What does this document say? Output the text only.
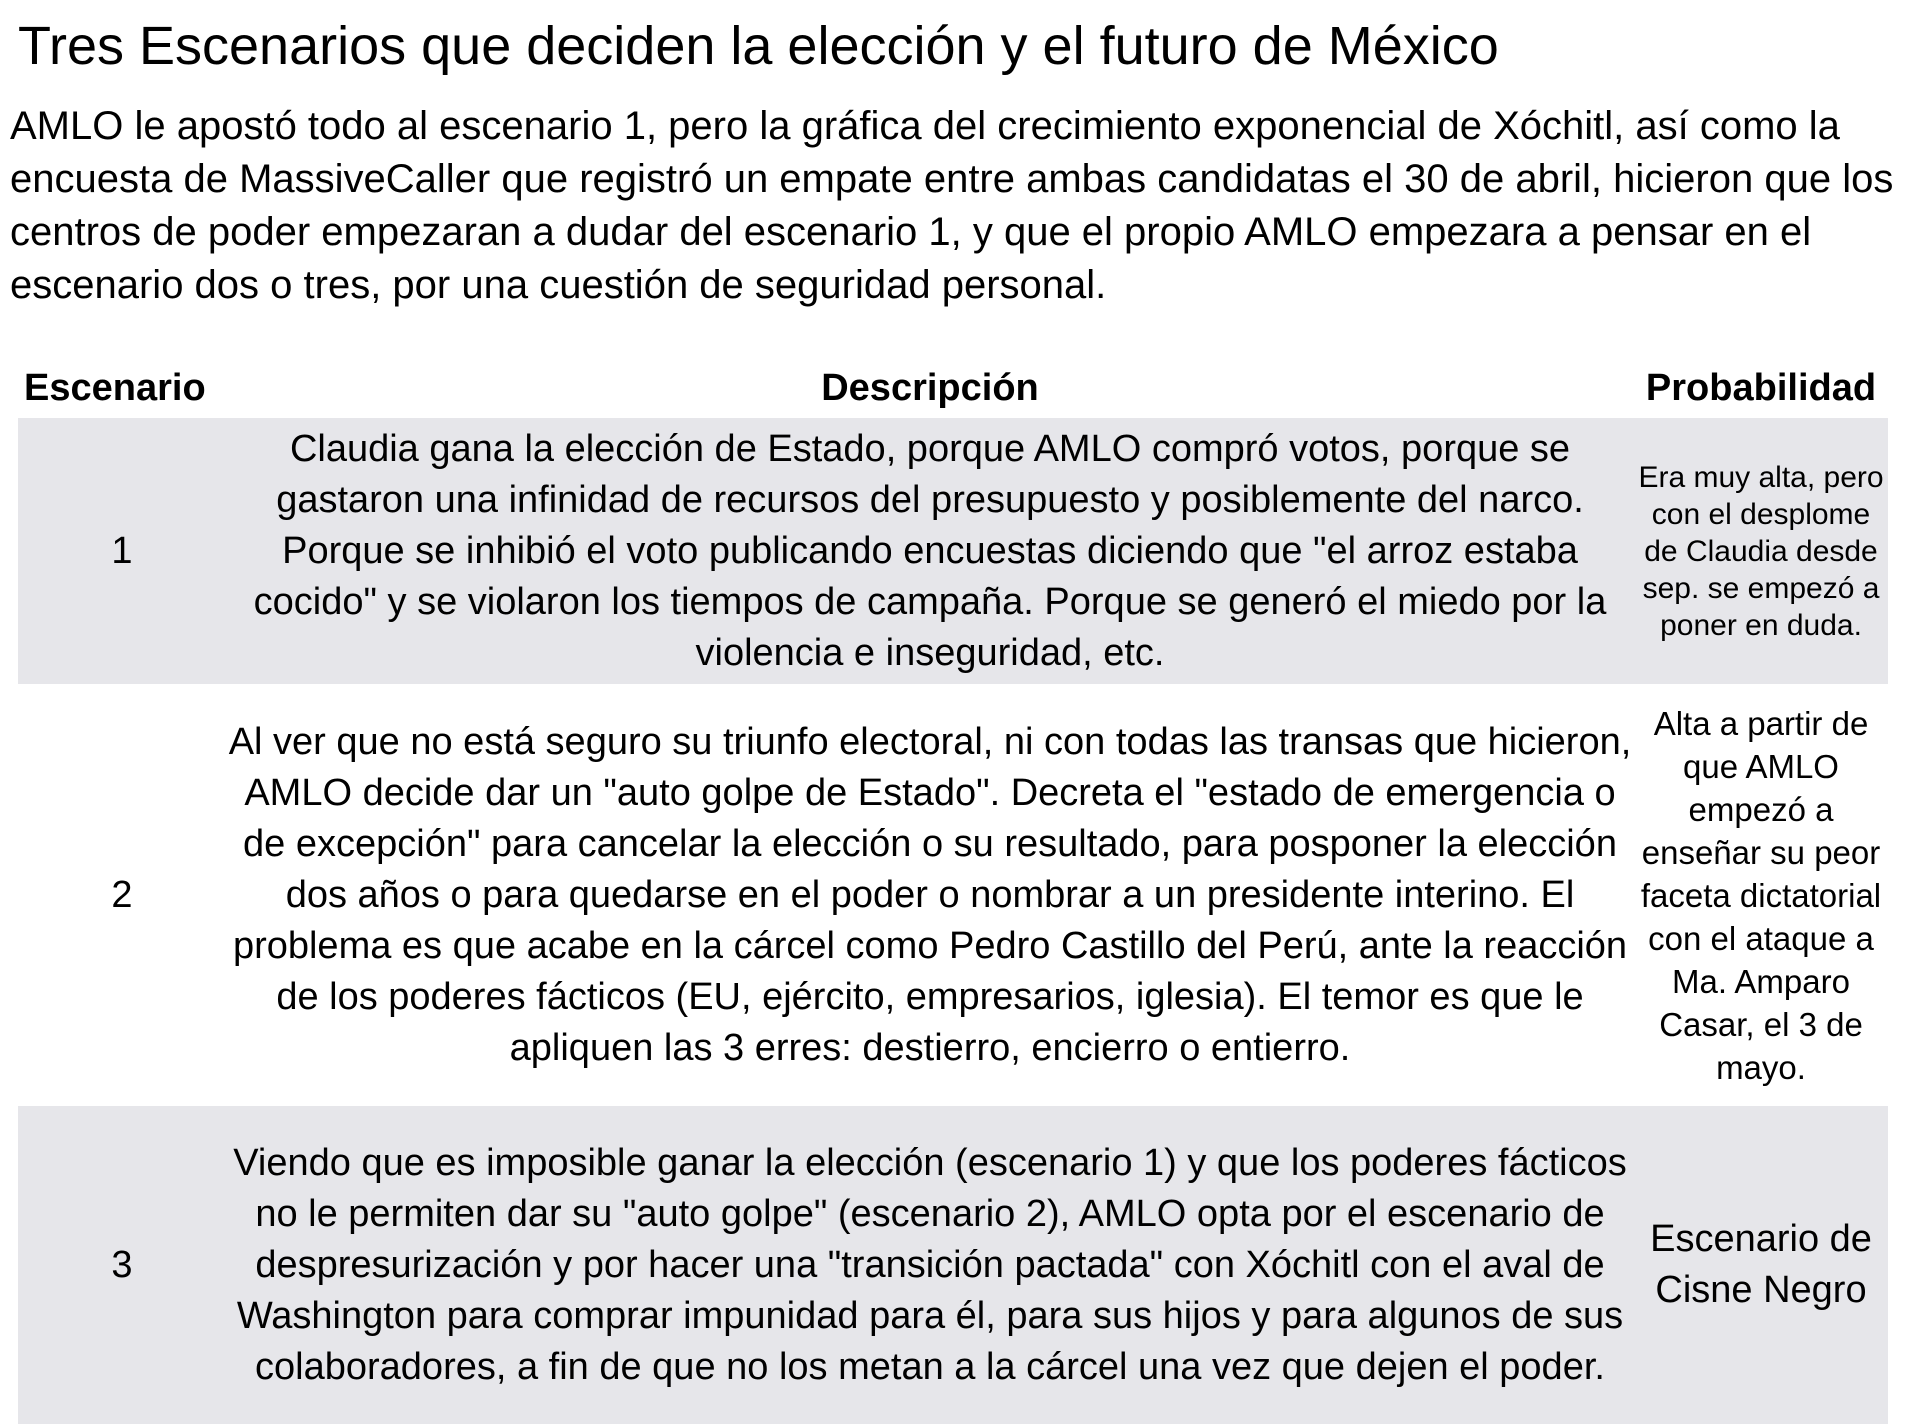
Tres Escenarios que deciden la elección y el futuro de México

AMLO le apostó todo al escenario 1, pero la gráfica del crecimiento exponencial de Xóchitl, así como la encuesta de MassiveCaller que registró un empate entre ambas candidatas el 30 de abril, hicieron que los centros de poder empezaran a dudar del escenario 1, y que el propio AMLO empezara a pensar en el escenario dos o tres, por una cuestión de seguridad personal.

Escenario	Descripción	Probabilidad
1	Claudia gana la elección de Estado, porque AMLO compró votos, porque se gastaron una infinidad de recursos del presupuesto y posiblemente del narco. Porque se inhibió el voto publicando encuestas diciendo que "el arroz estaba cocido" y se violaron los tiempos de campaña. Porque se generó el miedo por la violencia e inseguridad, etc.	Era muy alta, pero con el desplome de Claudia desde sep. se empezó a poner en duda.
2	Al ver que no está seguro su triunfo electoral, ni con todas las transas que hicieron, AMLO decide dar un "auto golpe de Estado". Decreta el "estado de emergencia o de excepción" para cancelar la elección o su resultado, para posponer la elección dos años o para quedarse en el poder o nombrar a un presidente interino. El problema es que acabe en la cárcel como Pedro Castillo del Perú, ante la reacción de los poderes fácticos (EU, ejército, empresarios, iglesia). El temor es que le apliquen las 3 erres: destierro, encierro o entierro.	Alta a partir de que AMLO empezó a enseñar su peor faceta dictatorial con el ataque a Ma. Amparo Casar, el 3 de mayo.
3	Viendo que es imposible ganar la elección (escenario 1) y que los poderes fácticos no le permiten dar su "auto golpe" (escenario 2), AMLO opta por el escenario de despresurización y por hacer una "transición pactada" con Xóchitl con el aval de Washington para comprar impunidad para él, para sus hijos y para algunos de sus colaboradores, a fin de que no los metan a la cárcel una vez que dejen el poder.	Escenario de Cisne Negro
